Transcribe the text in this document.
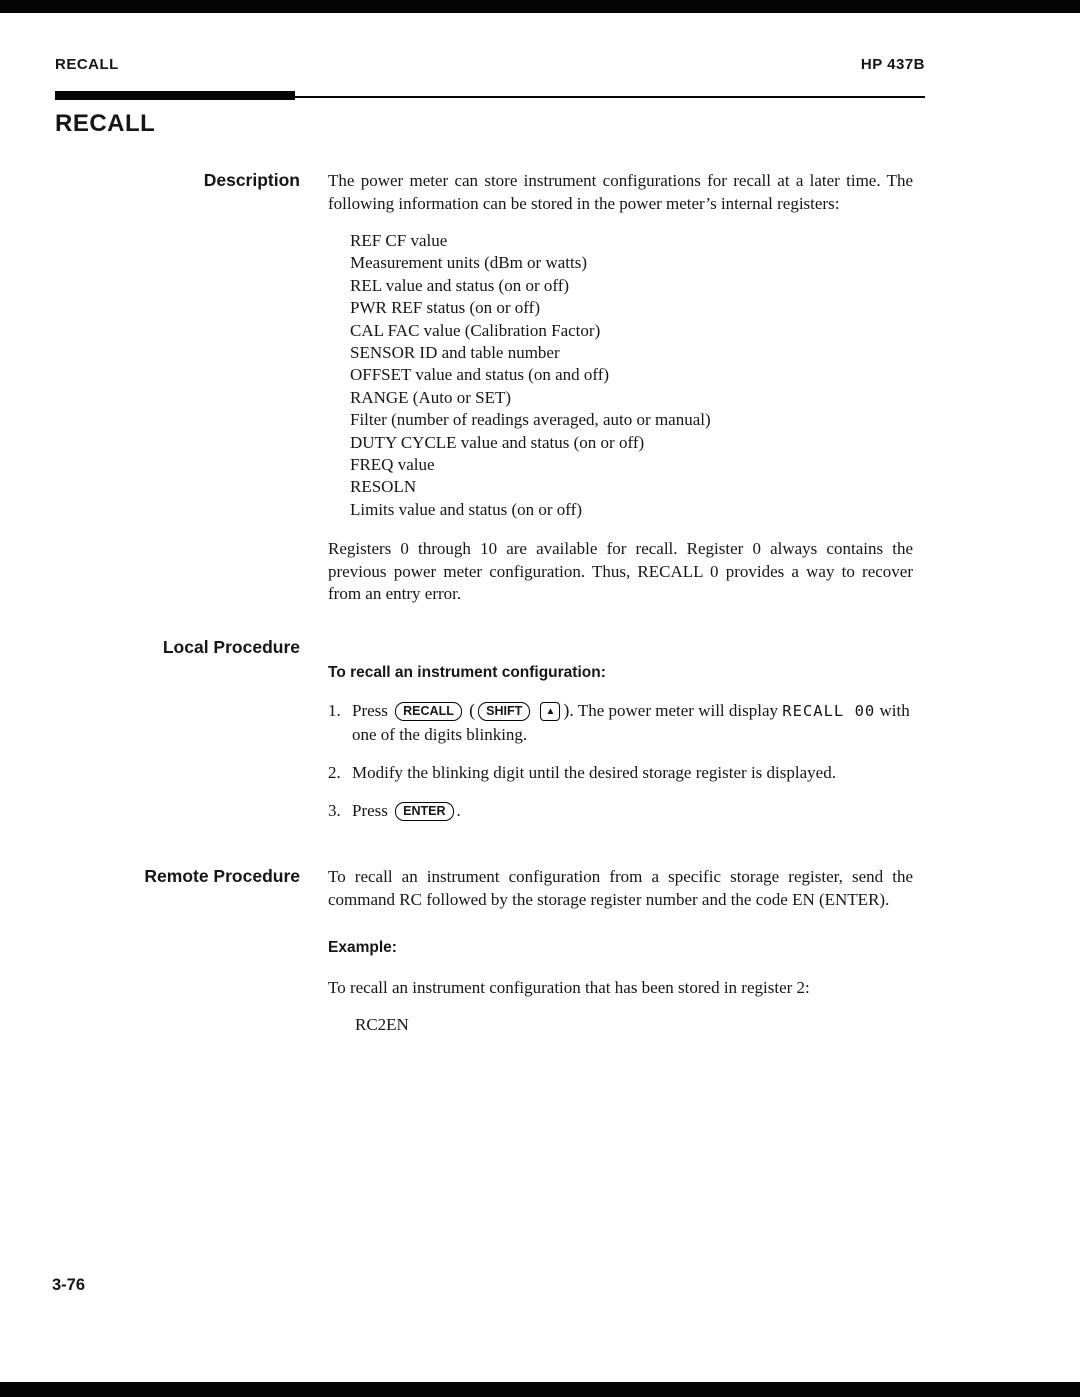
RECALL	HP 437B
RECALL
Description The power meter can store instrument configurations for recall at a later time. The following information can be stored in the power meter’s internal registers:

REF CF value
Measurement units (dBm or watts)
REL value and status (on or off)
PWR REF status (on or off)
CAL FAC value (Calibration Factor)
SENSOR ID and table number
OFFSET value and status (on and off)
RANGE (Auto or SET)
Filter (number of readings averaged, auto or manual)
DUTY CYCLE value and status (on or off)
FREQ value
RESOLN
Limits value and status (on or off)

Registers 0 through 10 are available for recall. Register 0 always contains the previous power meter configuration. Thus, RECALL 0 provides a way to recover from an entry error.

Local Procedure
To recall an instrument configuration:
1. Press RECALL ( SHIFT ▲ ). The power meter will display RECALL 00 with one of the digits blinking.
2. Modify the blinking digit until the desired storage register is displayed.
3. Press ENTER .
Remote Procedure To recall an instrument configuration from a specific storage register, send the command RC followed by the storage register number and the code EN (ENTER).

Example:

To recall an instrument configuration that has been stored in register 2:

RC2EN
3-76
